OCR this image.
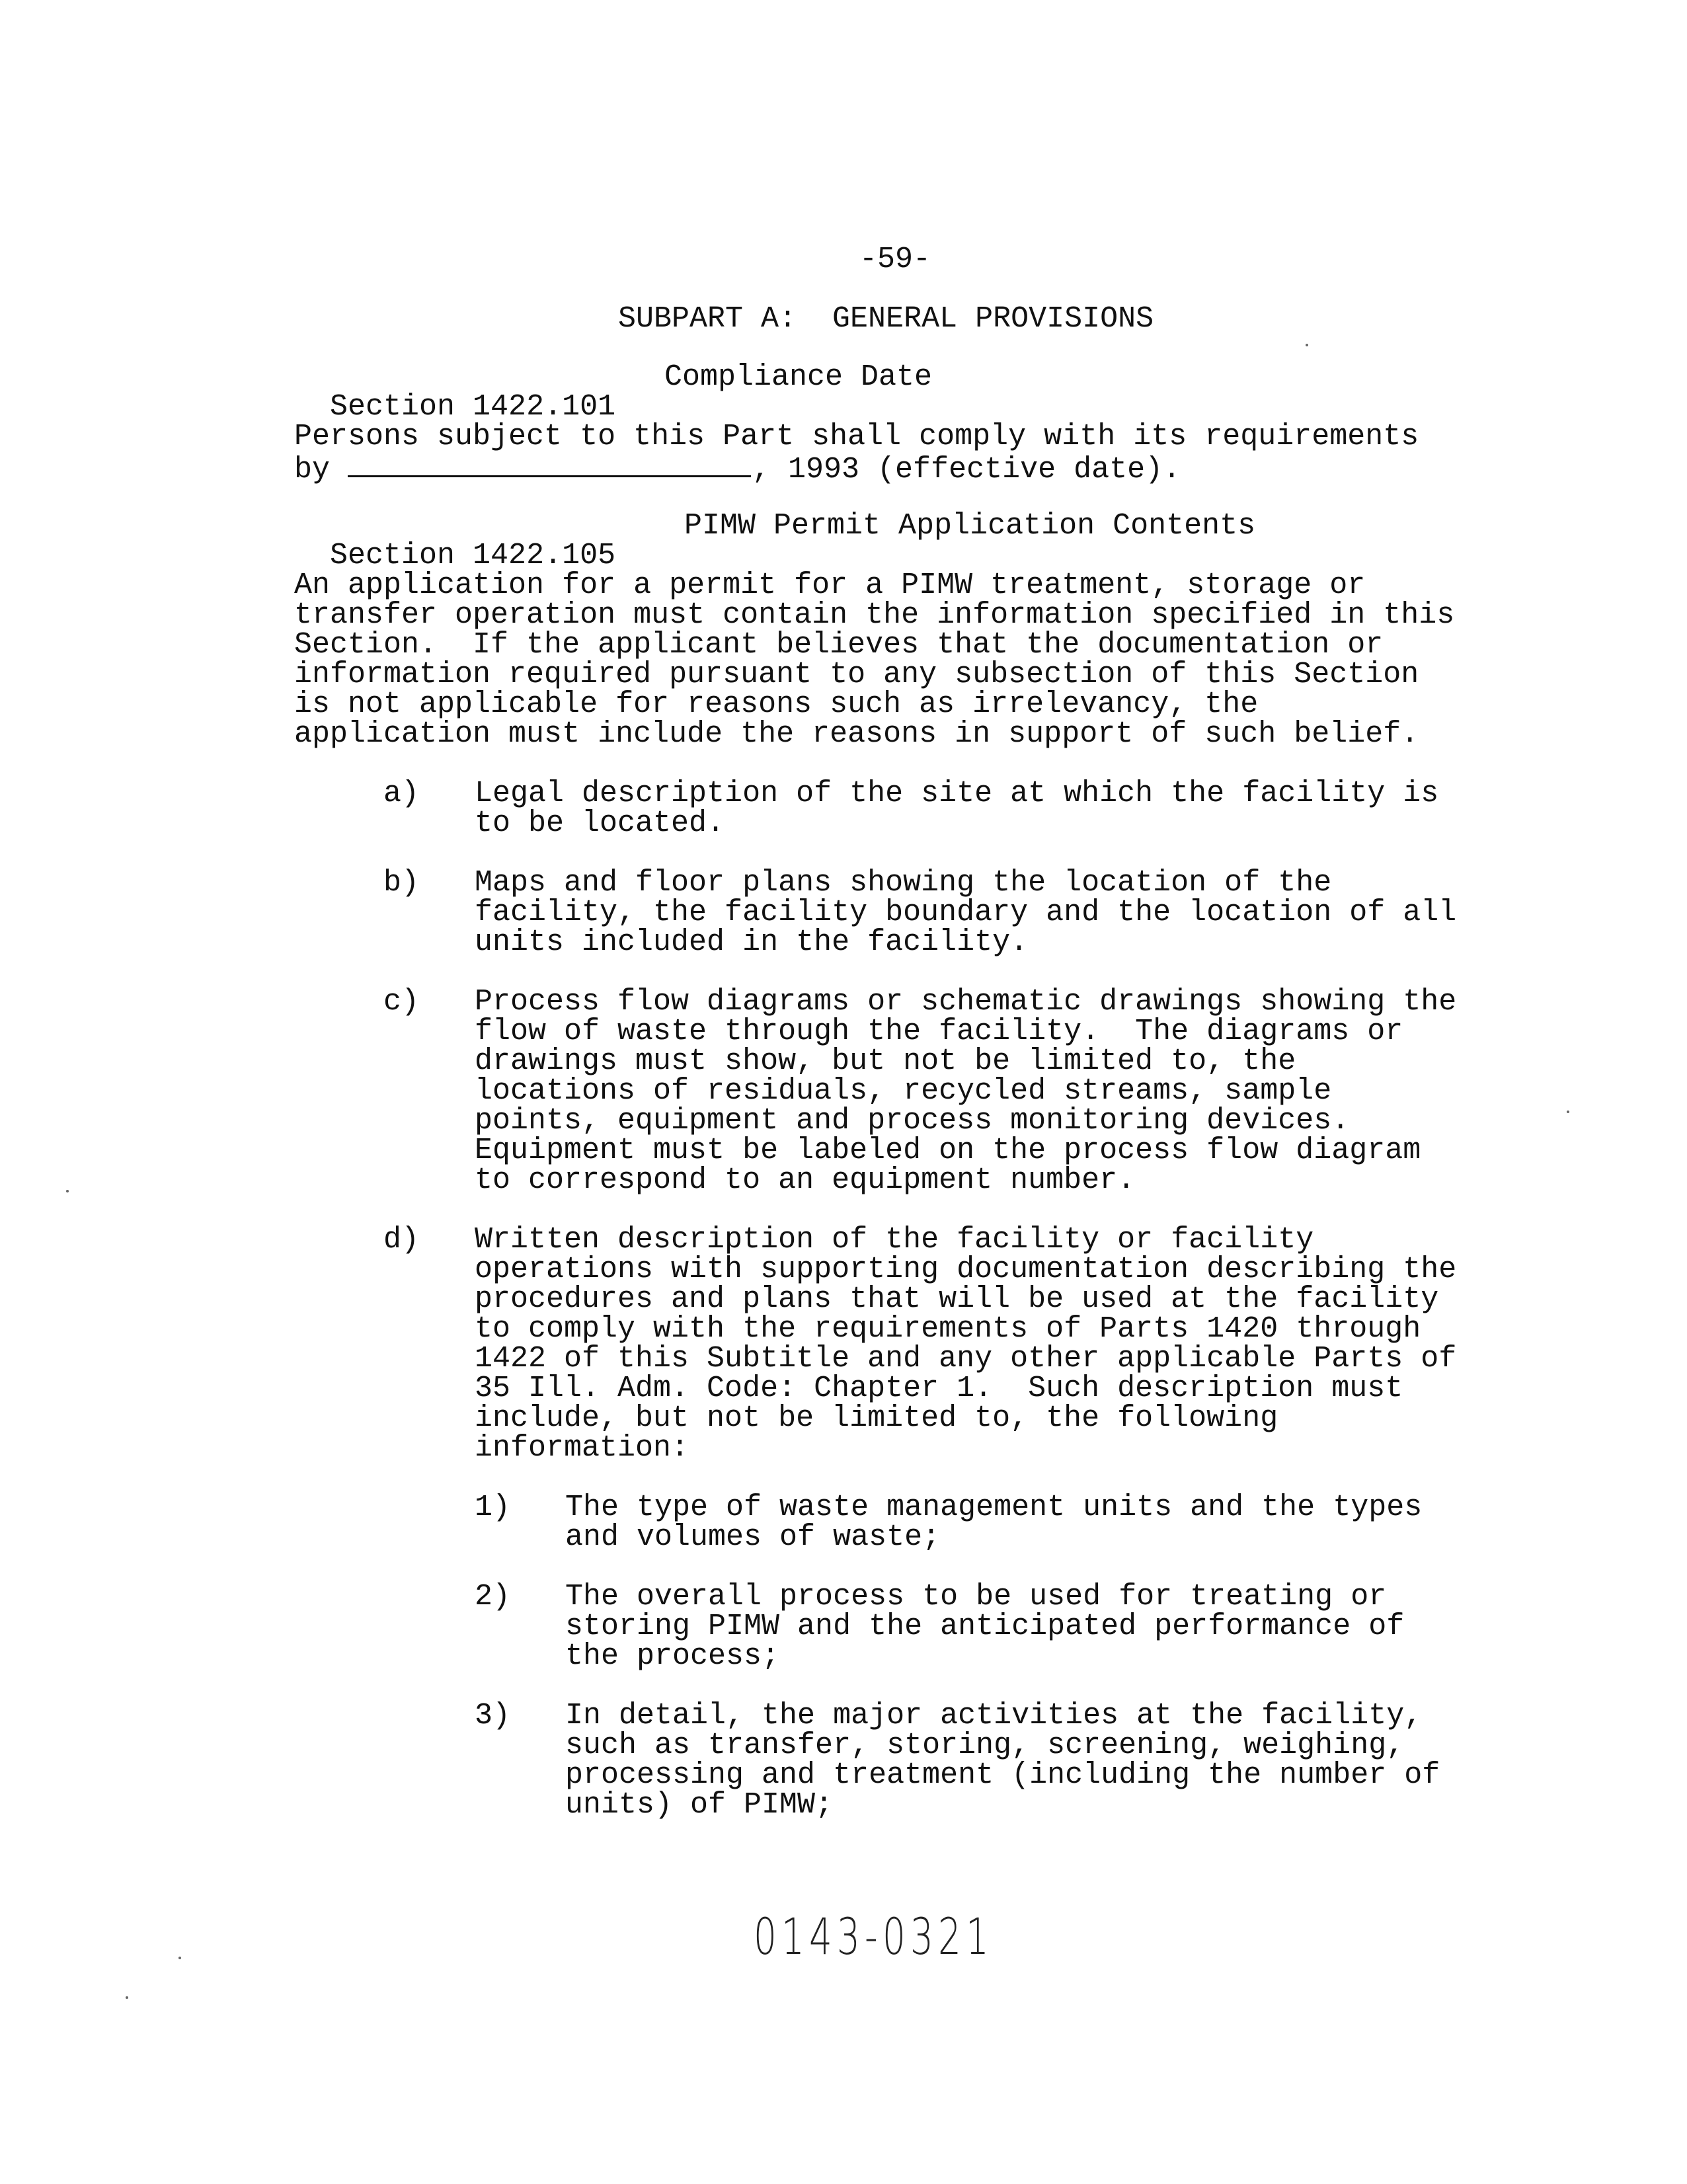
-59-
SUBPART A:  GENERAL PROVISIONS

Section 1422.101

Compliance Date

Persons subject to this Part shall comply with its requirements
by	, 1993 (effective date).

Section 1422.105

PIMW Permit Application Contents

An application for a permit for a PIMW treatment, storage or
transfer operation must contain the information specified in this
Section.  If the applicant believes that the documentation or
information required pursuant to any subsection of this Section
is not applicable for reasons such as irrelevancy, the
application must include the reasons in support of such belief.
a) Legal description of the site at which the facility is
to be located.
b) Maps and floor plans showing the location of the
facility, the facility boundary and the location of all
units included in the facility.
c) Process flow diagrams or schematic drawings showing the
flow of waste through the facility.  The diagrams or
drawings must show, but not be limited to, the
locations of residuals, recycled streams, sample
points, equipment and process monitoring devices.
Equipment must be labeled on the process flow diagram
to correspond to an equipment number.
d) Written description of the facility or facility
operations with supporting documentation describing the
procedures and plans that will be used at the facility
to comply with the requirements of Parts 1420 through
1422 of this Subtitle and any other applicable Parts of
35 Ill. Adm. Code: Chapter 1.  Such description must
include, but not be limited to, the following
information:
1) The type of waste management units and the types
and volumes of waste;
2) The overall process to be used for treating or
storing PIMW and the anticipated performance of
the process;
3) In detail, the major activities at the facility,
such as transfer, storing, screening, weighing,
processing and treatment (including the number of
units) of PIMW;
0143-0321
